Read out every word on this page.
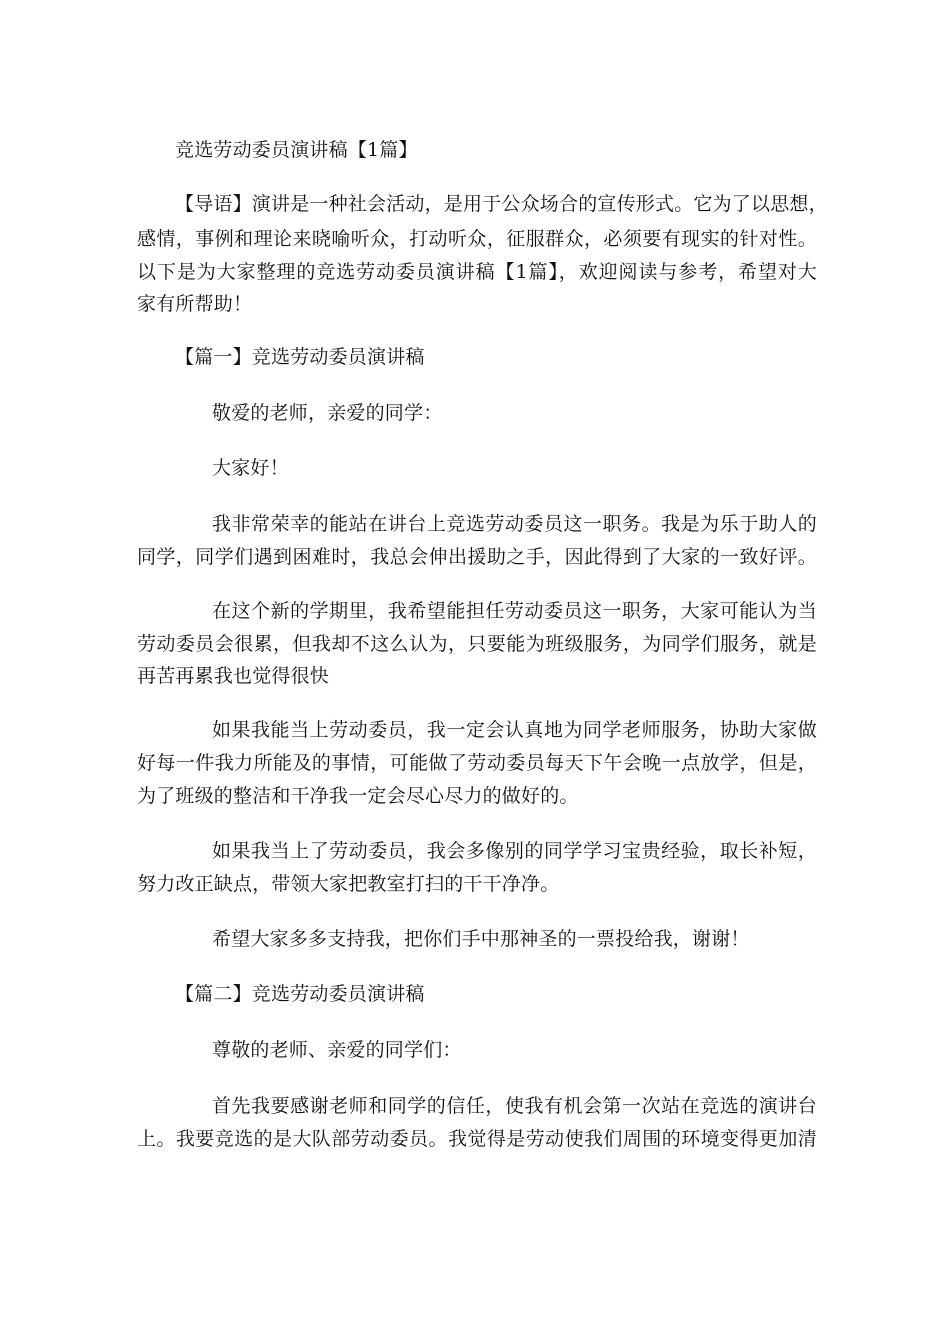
竞选劳动委员演讲稿【1篇】
【导语】演讲是一种社会活动，是用于公众场合的宣传形式。它为了以思想，
感情，事例和理论来晓喻听众，打动听众，征服群众，必须要有现实的针对性。
以下是为大家整理的竞选劳动委员演讲稿【1篇】，欢迎阅读与参考，希望对大
家有所帮助！
【篇一】竞选劳动委员演讲稿
敬爱的老师，亲爱的同学：
大家好！
我非常荣幸的能站在讲台上竞选劳动委员这一职务。我是为乐于助人的
同学，同学们遇到困难时，我总会伸出援助之手，因此得到了大家的一致好评。
在这个新的学期里，我希望能担任劳动委员这一职务，大家可能认为当
劳动委员会很累，但我却不这么认为，只要能为班级服务，为同学们服务，就是
再苦再累我也觉得很快
如果我能当上劳动委员，我一定会认真地为同学老师服务，协助大家做
好每一件我力所能及的事情，可能做了劳动委员每天下午会晚一点放学，但是，
为了班级的整洁和干净我一定会尽心尽力的做好的。
如果我当上了劳动委员，我会多像别的同学学习宝贵经验，取长补短，
努力改正缺点，带领大家把教室打扫的干干净净。
希望大家多多支持我，把你们手中那神圣的一票投给我，谢谢！
【篇二】竞选劳动委员演讲稿
尊敬的老师、亲爱的同学们：
首先我要感谢老师和同学的信任，使我有机会第一次站在竞选的演讲台
上。我要竞选的是大队部劳动委员。我觉得是劳动使我们周围的环境变得更加清
